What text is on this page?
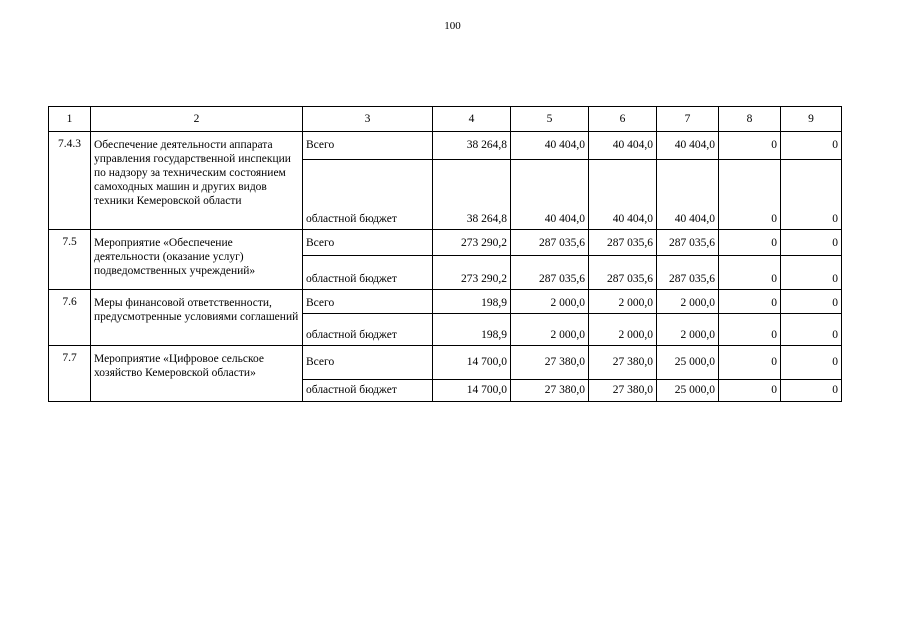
100
1	2	3	4	5	6	7	8	9
7.4.3	Обеспечение деятельности аппарата управления государственной инспекции по надзору за техническим состоянием самоходных машин и других видов техники Кемеровской области	Всего	38 264,8	40 404,0	40 404,0	40 404,0	0	0
		областной бюджет	38 264,8	40 404,0	40 404,0	40 404,0	0	0
7.5	Мероприятие «Обеспечение деятельности (оказание услуг) подведомственных учреждений»	Всего	273 290,2	287 035,6	287 035,6	287 035,6	0	0
		областной бюджет	273 290,2	287 035,6	287 035,6	287 035,6	0	0
7.6	Меры финансовой ответственности, предусмотренные условиями соглашений	Всего	198,9	2 000,0	2 000,0	2 000,0	0	0
		областной бюджет	198,9	2 000,0	2 000,0	2 000,0	0	0
7.7	Мероприятие «Цифровое сельское хозяйство Кемеровской области»	Всего	14 700,0	27 380,0	27 380,0	25 000,0	0	0
		областной бюджет	14 700,0	27 380,0	27 380,0	25 000,0	0	0
